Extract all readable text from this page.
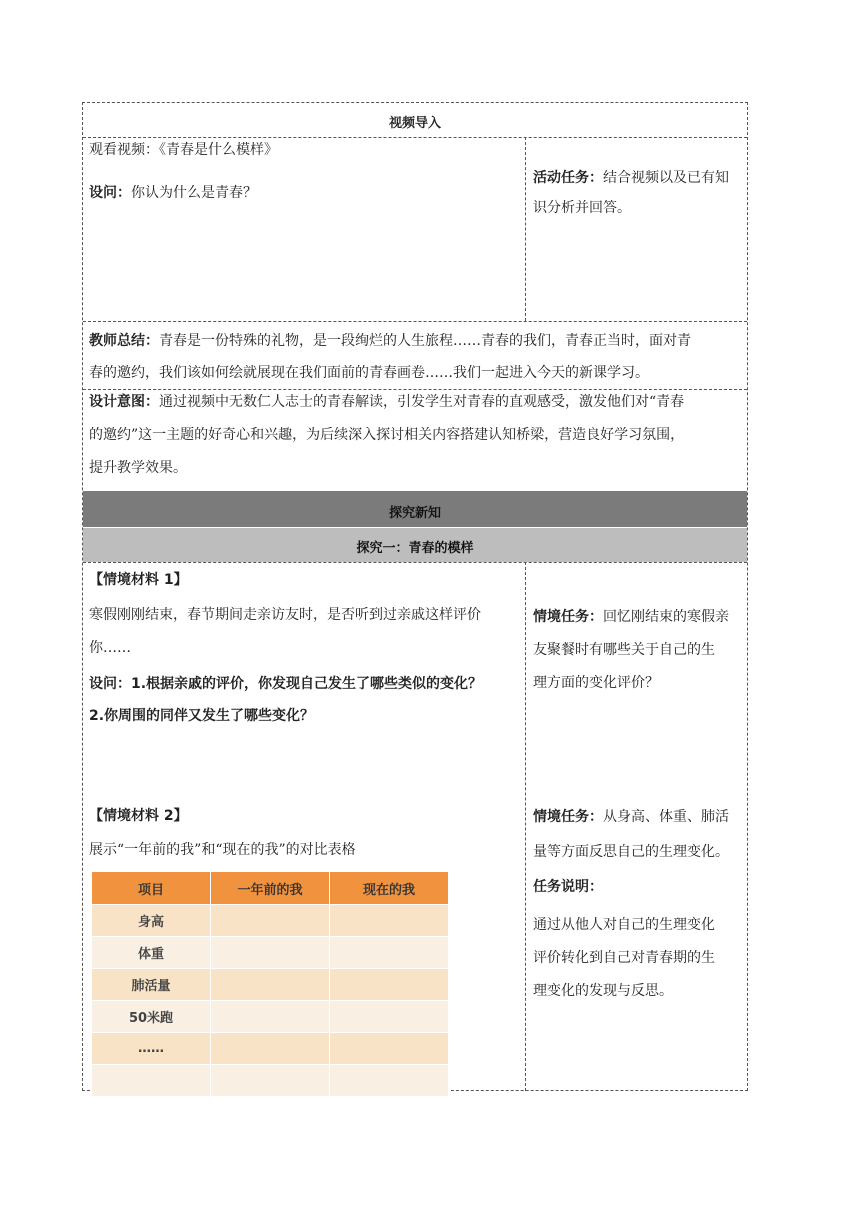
视频导入
观看视频：《青春是什么模样》
设问：你认为什么是青春？
活动任务：结合视频以及已有知
识分析并回答。
教师总结：青春是一份特殊的礼物，是一段绚烂的人生旅程……青春的我们，青春正当时，面对青
春的邀约，我们该如何绘就展现在我们面前的青春画卷……我们一起进入今天的新课学习。
设计意图：通过视频中无数仁人志士的青春解读，引发学生对青春的直观感受，激发他们对“青春
的邀约”这一主题的好奇心和兴趣，为后续深入探讨相关内容搭建认知桥梁，营造良好学习氛围，
提升教学效果。
探究新知
探究一：青春的模样
【情境材料 1】
寒假刚刚结束，春节期间走亲访友时，是否听到过亲戚这样评价
你……
设问：1.根据亲戚的评价，你发现自己发生了哪些类似的变化？
2.你周围的同伴又发生了哪些变化？
情境任务：回忆刚结束的寒假亲
友聚餐时有哪些关于自己的生
理方面的变化评价？
【情境材料 2】
展示“一年前的我”和“现在的我”的对比表格
项目	一年前的我	现在的我
身高		
体重		
肺活量		
50米跑		
……		

情境任务：从身高、体重、肺活
量等方面反思自己的生理变化。
任务说明：
通过从他人对自己的生理变化
评价转化到自己对青春期的生
理变化的发现与反思。
